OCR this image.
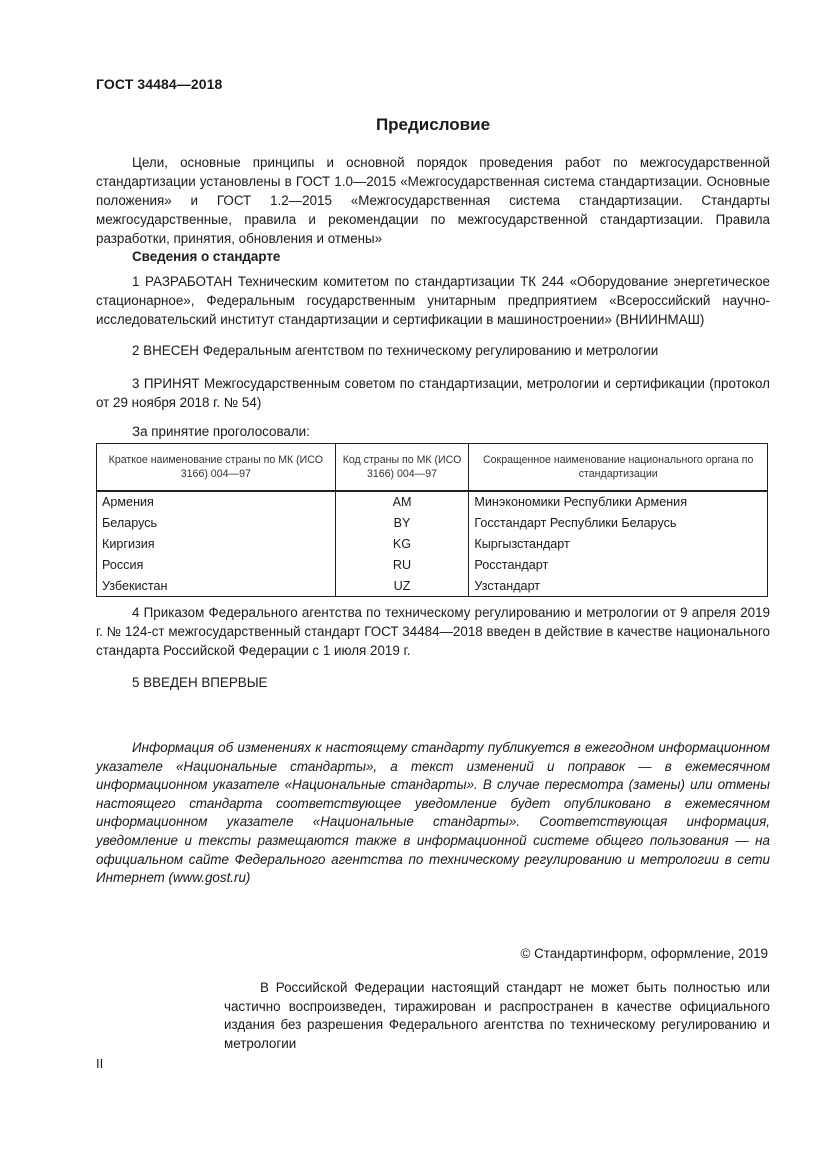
ГОСТ 34484—2018
Предисловие

Цели, основные принципы и основной порядок проведения работ по межгосударственной стандартизации установлены в ГОСТ 1.0—2015 «Межгосударственная система стандартизации. Основные положения» и ГОСТ 1.2—2015 «Межгосударственная система стандартизации. Стандарты межгосударственные, правила и рекомендации по межгосударственной стандартизации. Правила разработки, принятия, обновления и отмены»

Сведения о стандарте

1 РАЗРАБОТАН Техническим комитетом по стандартизации ТК 244 «Оборудование энергетическое стационарное», Федеральным государственным унитарным предприятием «Всероссийский научно-исследовательский институт стандартизации и сертификации в машиностроении» (ВНИИНМАШ)

2 ВНЕСЕН Федеральным агентством по техническому регулированию и метрологии

3 ПРИНЯТ Межгосударственным советом по стандартизации, метрологии и сертификации (протокол от 29 ноября 2018 г. № 54)

За принятие проголосовали:
Краткое наименование страны по МК (ИСО 3166) 004—97	Код страны по МК (ИСО 3166) 004—97	Сокращенное наименование национального органа по стандартизации
Армения	AM	Минэкономики Республики Армения
Беларусь	BY	Госстандарт Республики Беларусь
Киргизия	KG	Кыргызстандарт
Россия	RU	Росстандарт
Узбекистан	UZ	Узстандарт

4 Приказом Федерального агентства по техническому регулированию и метрологии от 9 апреля 2019 г. № 124-ст межгосударственный стандарт ГОСТ 34484—2018 введен в действие в качестве национального стандарта Российской Федерации с 1 июля 2019 г.

5 ВВЕДЕН ВПЕРВЫЕ

Информация об изменениях к настоящему стандарту публикуется в ежегодном информационном указателе «Национальные стандарты», а текст изменений и поправок — в ежемесячном информационном указателе «Национальные стандарты». В случае пересмотра (замены) или отмены настоящего стандарта соответствующее уведомление будет опубликовано в ежемесячном информационном указателе «Национальные стандарты». Соответствующая информация, уведомление и тексты размещаются также в информационной системе общего пользования — на официальном сайте Федерального агентства по техническому регулированию и метрологии в сети Интернет (www.gost.ru)

© Стандартинформ, оформление, 2019

В Российской Федерации настоящий стандарт не может быть полностью или частично воспроизведен, тиражирован и распространен в качестве официального издания без разрешения Федерального агентства по техническому регулированию и метрологии

II
